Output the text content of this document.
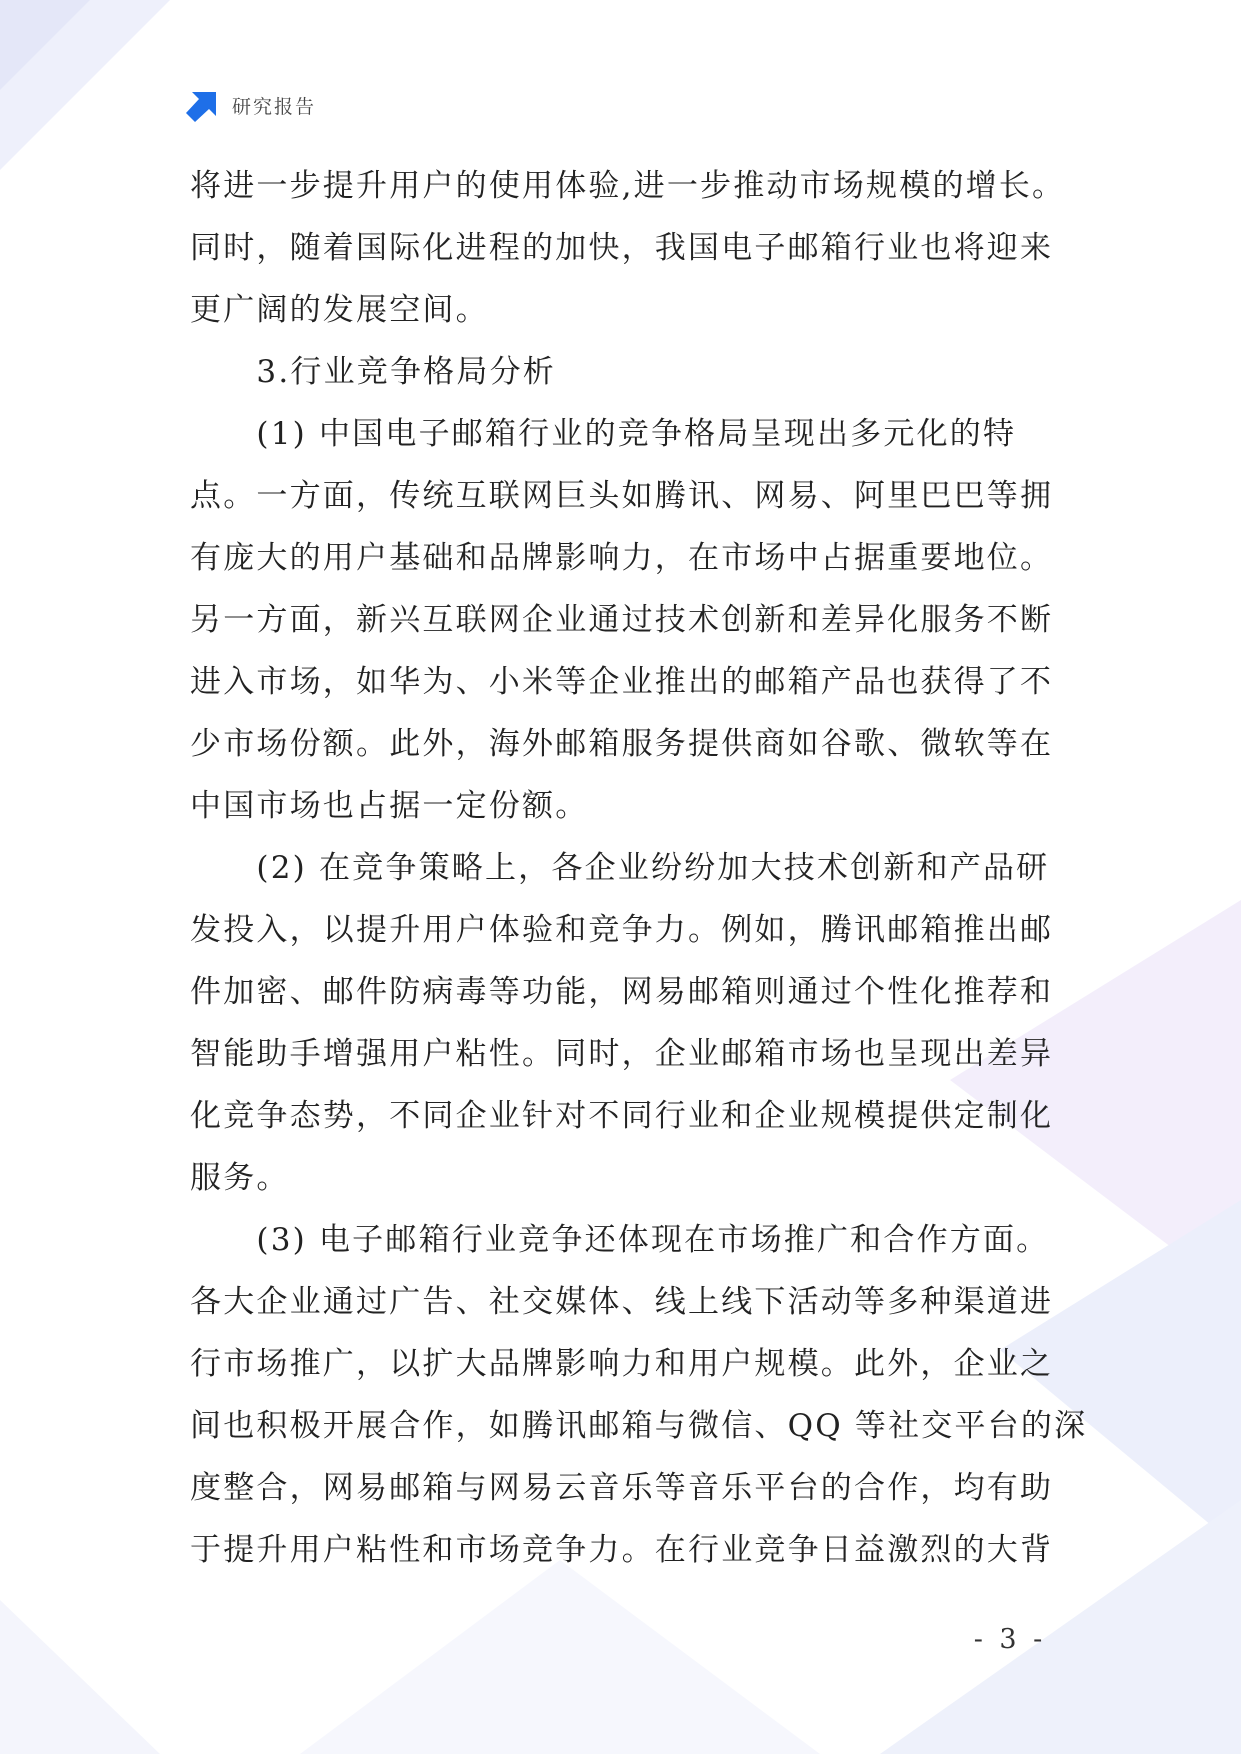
研究报告
将进一步提升用户的使用体验,进一步推动市场规模的增长。
同时，随着国际化进程的加快，我国电子邮箱行业也将迎来
更广阔的发展空间。
　　3.行业竞争格局分析
　　(1) 中国电子邮箱行业的竞争格局呈现出多元化的特
点。一方面，传统互联网巨头如腾讯、网易、阿里巴巴等拥
有庞大的用户基础和品牌影响力，在市场中占据重要地位。
另一方面，新兴互联网企业通过技术创新和差异化服务不断
进入市场，如华为、小米等企业推出的邮箱产品也获得了不
少市场份额。此外，海外邮箱服务提供商如谷歌、微软等在
中国市场也占据一定份额。
　　(2) 在竞争策略上，各企业纷纷加大技术创新和产品研
发投入，以提升用户体验和竞争力。例如，腾讯邮箱推出邮
件加密、邮件防病毒等功能，网易邮箱则通过个性化推荐和
智能助手增强用户粘性。同时，企业邮箱市场也呈现出差异
化竞争态势，不同企业针对不同行业和企业规模提供定制化
服务。
　　(3) 电子邮箱行业竞争还体现在市场推广和合作方面。
各大企业通过广告、社交媒体、线上线下活动等多种渠道进
行市场推广，以扩大品牌影响力和用户规模。此外，企业之
间也积极开展合作，如腾讯邮箱与微信、QQ 等社交平台的深
度整合，网易邮箱与网易云音乐等音乐平台的合作，均有助
于提升用户粘性和市场竞争力。在行业竞争日益激烈的大背
- 3 -
